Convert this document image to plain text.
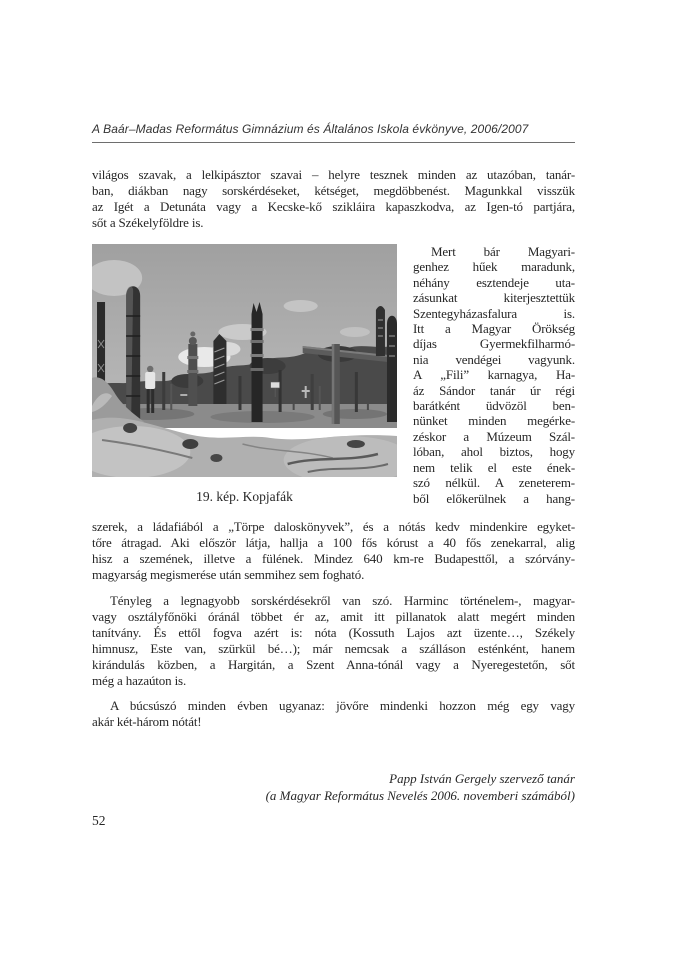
A Baár–Madas Református Gimnázium és Általános Iskola évkönyve, 2006/2007
világos szavak, a lelkipásztor szavai – helyre tesznek minden az utazóban, tanár-
ban, diákban nagy sorskérdéseket, kétséget, megdöbbenést. Magunkkal visszük
az Igét a Detunáta vagy a Kecske-kő szikláira kapaszkodva, az Igen-tó partjára,
sőt a Székelyföldre is.
19. kép. Kopjafák
Mert bár Magyari-
genhez hűek maradunk,
néhány esztendeje uta-
zásunkat kiterjesztettük
Szentegyházasfalura is.
Itt a Magyar Örökség
díjas Gyermekfilharmó-
nia vendégei vagyunk.
A „Fili” karnagya, Ha-
áz Sándor tanár úr régi
barátként üdvözöl ben-
nünket minden megérke-
zéskor a Múzeum Szál-
lóban, ahol biztos, hogy
nem telik el este ének-
szó nélkül. A zeneterem-
ből előkerülnek a hang-
szerek, a ládafiából a „Törpe daloskönyvek”, és a nótás kedv mindenkire egyket-
tőre átragad. Aki először látja, hallja a 100 fős kórust a 40 fős zenekarral, alig
hisz a szemének, illetve a fülének. Mindez 640 km-re Budapesttől, a szórvány-
magyarság megismerése után semmihez sem fogható.
Tényleg a legnagyobb sorskérdésekről van szó. Harminc történelem-, magyar-
vagy osztályfőnöki óránál többet ér az, amit itt pillanatok alatt megért minden
tanítvány. És ettől fogva azért is: nóta (Kossuth Lajos azt üzente…, Székely
himnusz, Este van, szürkül bé…); már nemcsak a szálláson esténként, hanem
kirándulás közben, a Hargitán, a Szent Anna-tónál vagy a Nyeregestetőn, sőt
még a hazaúton is.
A búcsúszó minden évben ugyanaz: jövőre mindenki hozzon még egy vagy
akár két-három nótát!
Papp István Gergely szervező tanár
(a Magyar Református Nevelés 2006. novemberi számából)
52
